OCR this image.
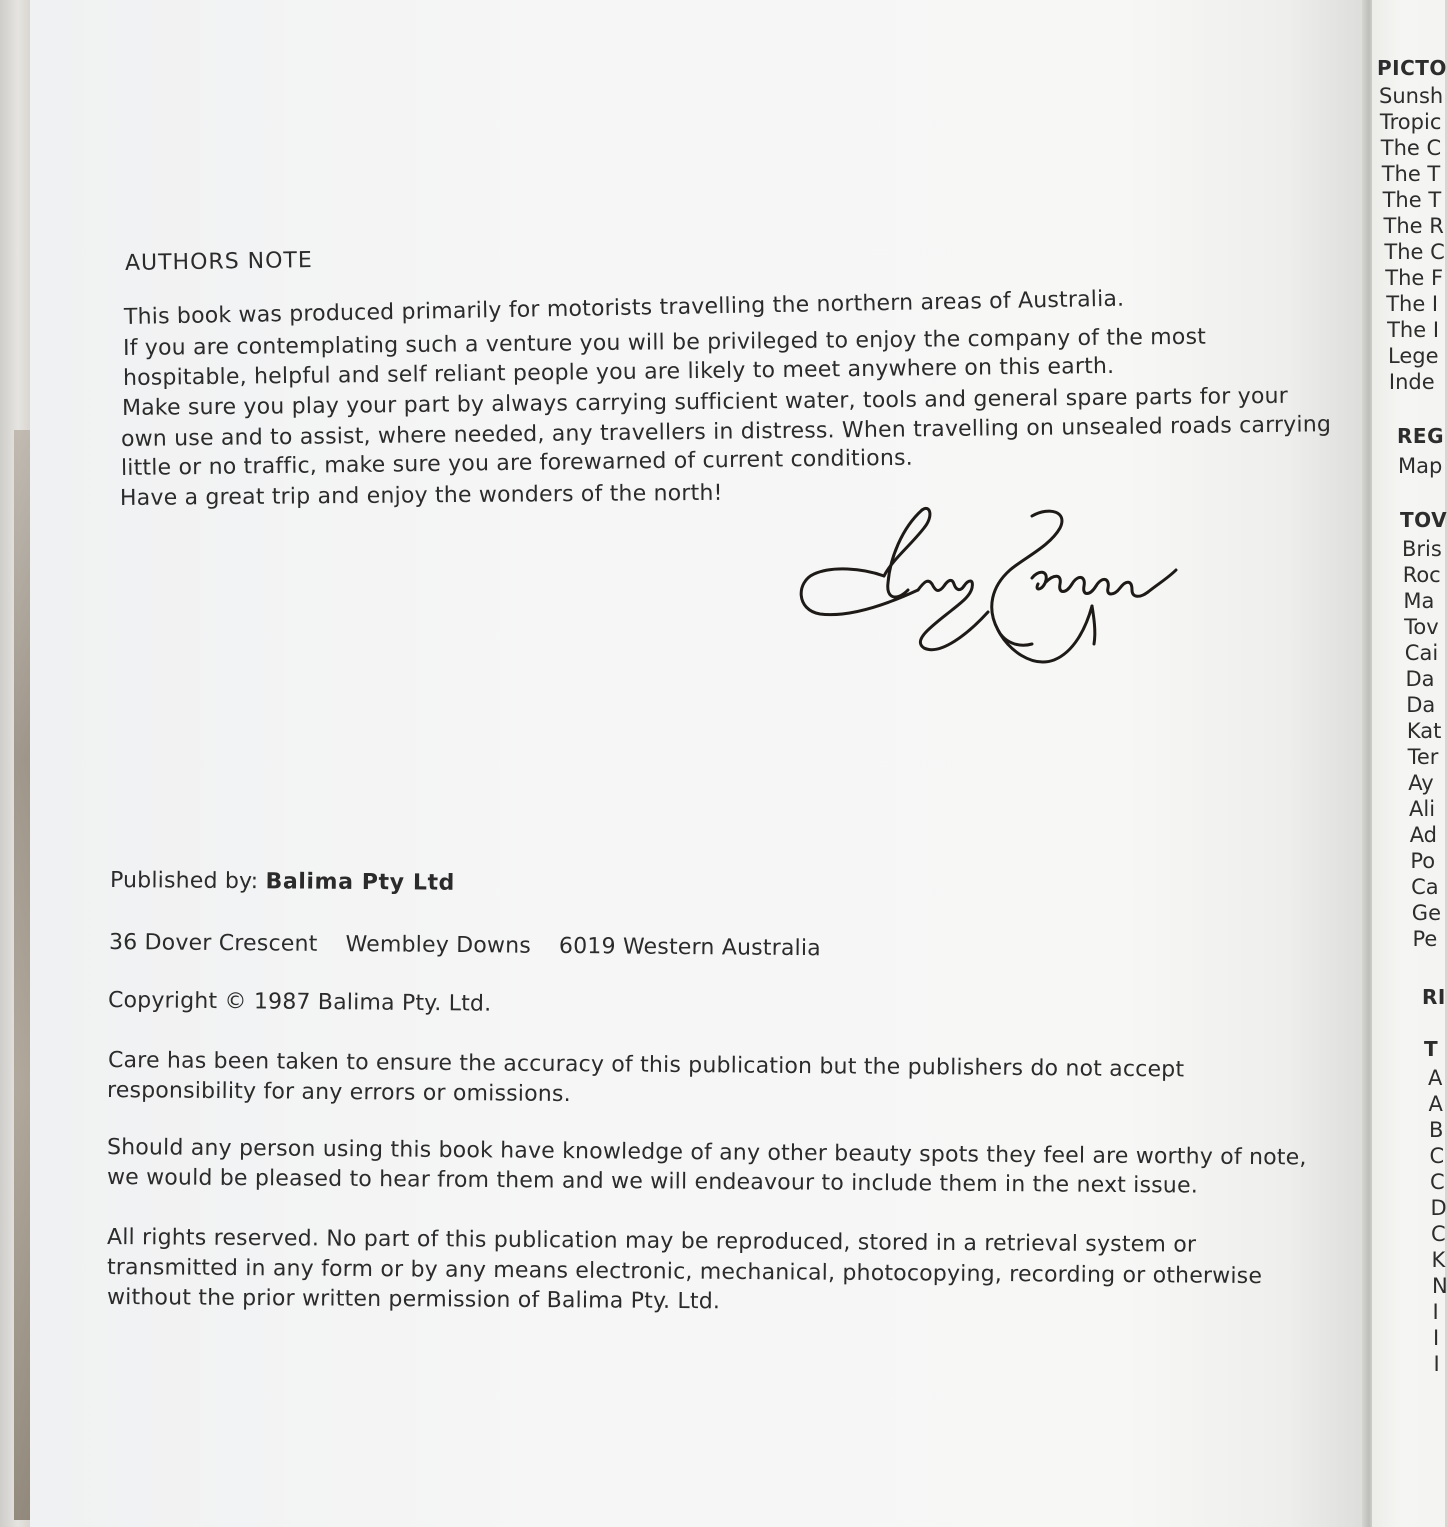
PICTO
Sunsh
Tropic
The C
The T
The T
The R
The C
The F
The I
The I
Lege
Inde
REG
Map
TOV
Bris
Roc
Ma
Tov
Cai
Da
Da
Kat
Ter
Ay
Ali
Ad
Po
Ca
Ge
Pe
RI
T
A
A
B
C
C
D
C
K
N
I
I
I
AUTHORS NOTE
This book was produced primarily for motorists travelling the northern areas of Australia.
If you are contemplating such a venture you will be privileged to enjoy the company of the most
hospitable, helpful and self reliant people you are likely to meet anywhere on this earth.
Make sure you play your part by always carrying sufficient water, tools and general spare parts for your
own use and to assist, where needed, any travellers in distress. When travelling on unsealed roads carrying
little or no traffic, make sure you are forewarned of current conditions.
Have a great trip and enjoy the wonders of the north!
Published by: Balima Pty Ltd
36 Dover Crescent Wembley Downs 6019 Western Australia
Copyright © 1987 Balima Pty. Ltd.
Care has been taken to ensure the accuracy of this publication but the publishers do not accept
responsibility for any errors or omissions.
Should any person using this book have knowledge of any other beauty spots they feel are worthy of note,
we would be pleased to hear from them and we will endeavour to include them in the next issue.
All rights reserved. No part of this publication may be reproduced, stored in a retrieval system or
transmitted in any form or by any means electronic, mechanical, photocopying, recording or otherwise
without the prior written permission of Balima Pty. Ltd.
